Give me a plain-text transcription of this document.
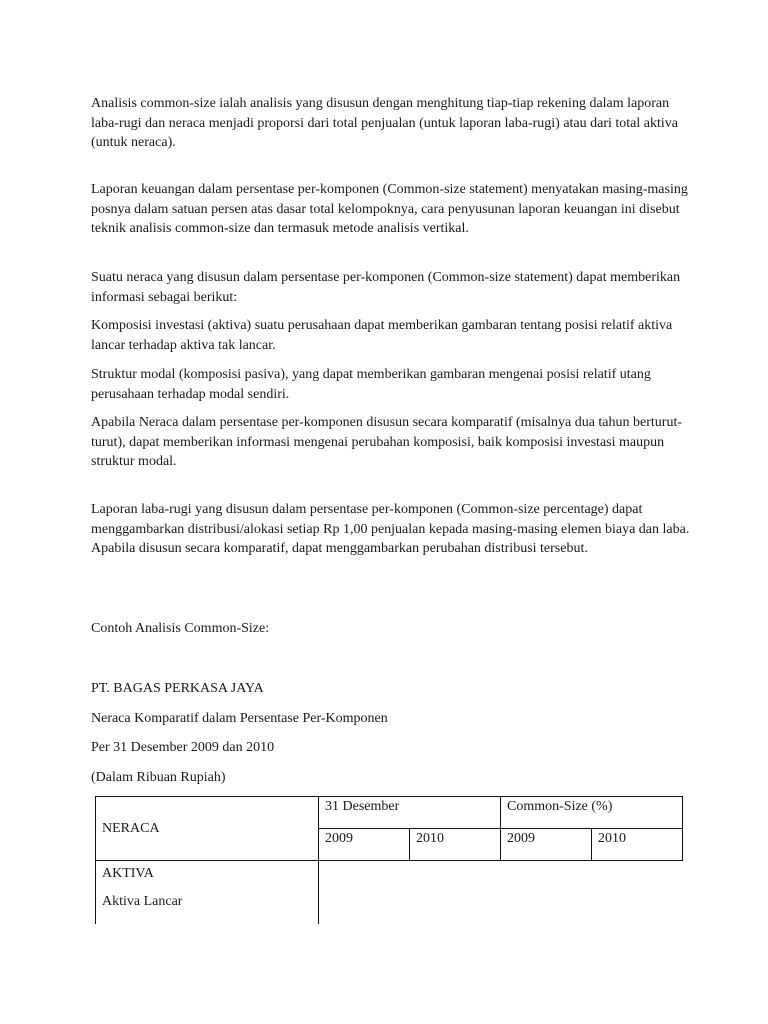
Analisis common-size ialah analisis yang disusun dengan menghitung tiap-tiap rekening dalam laporan laba-rugi dan neraca menjadi proporsi dari total penjualan (untuk laporan laba-rugi) atau dari total aktiva (untuk neraca).

Laporan keuangan dalam persentase per-komponen (Common-size statement) menyatakan masing-masing posnya dalam satuan persen atas dasar total kelompoknya, cara penyusunan laporan keuangan ini disebut teknik analisis common-size dan termasuk metode analisis vertikal.

Suatu neraca yang disusun dalam persentase per-komponen (Common-size statement) dapat memberikan informasi sebagai berikut:

Komposisi investasi (aktiva) suatu perusahaan dapat memberikan gambaran tentang posisi relatif aktiva lancar terhadap aktiva tak lancar.

Struktur modal (komposisi pasiva), yang dapat memberikan gambaran mengenai posisi relatif utang perusahaan terhadap modal sendiri.

Apabila Neraca dalam persentase per-komponen disusun secara komparatif (misalnya dua tahun berturut-turut), dapat memberikan informasi mengenai perubahan komposisi, baik komposisi investasi maupun struktur modal.

Laporan laba-rugi yang disusun dalam persentase per-komponen (Common-size percentage) dapat menggambarkan distribusi/alokasi setiap Rp 1,00 penjualan kepada masing-masing elemen biaya dan laba. Apabila disusun secara komparatif, dapat menggambarkan perubahan distribusi tersebut.

Contoh Analisis Common-Size:

PT. BAGAS PERKASA JAYA

Neraca Komparatif dalam Persentase Per-Komponen

Per 31 Desember 2009 dan 2010

(Dalam Ribuan Rupiah)

NERACA	31 Desember		Common-Size (%)	
	2009	2010	2009	2010

AKTIVA
Aktiva Lancar				
